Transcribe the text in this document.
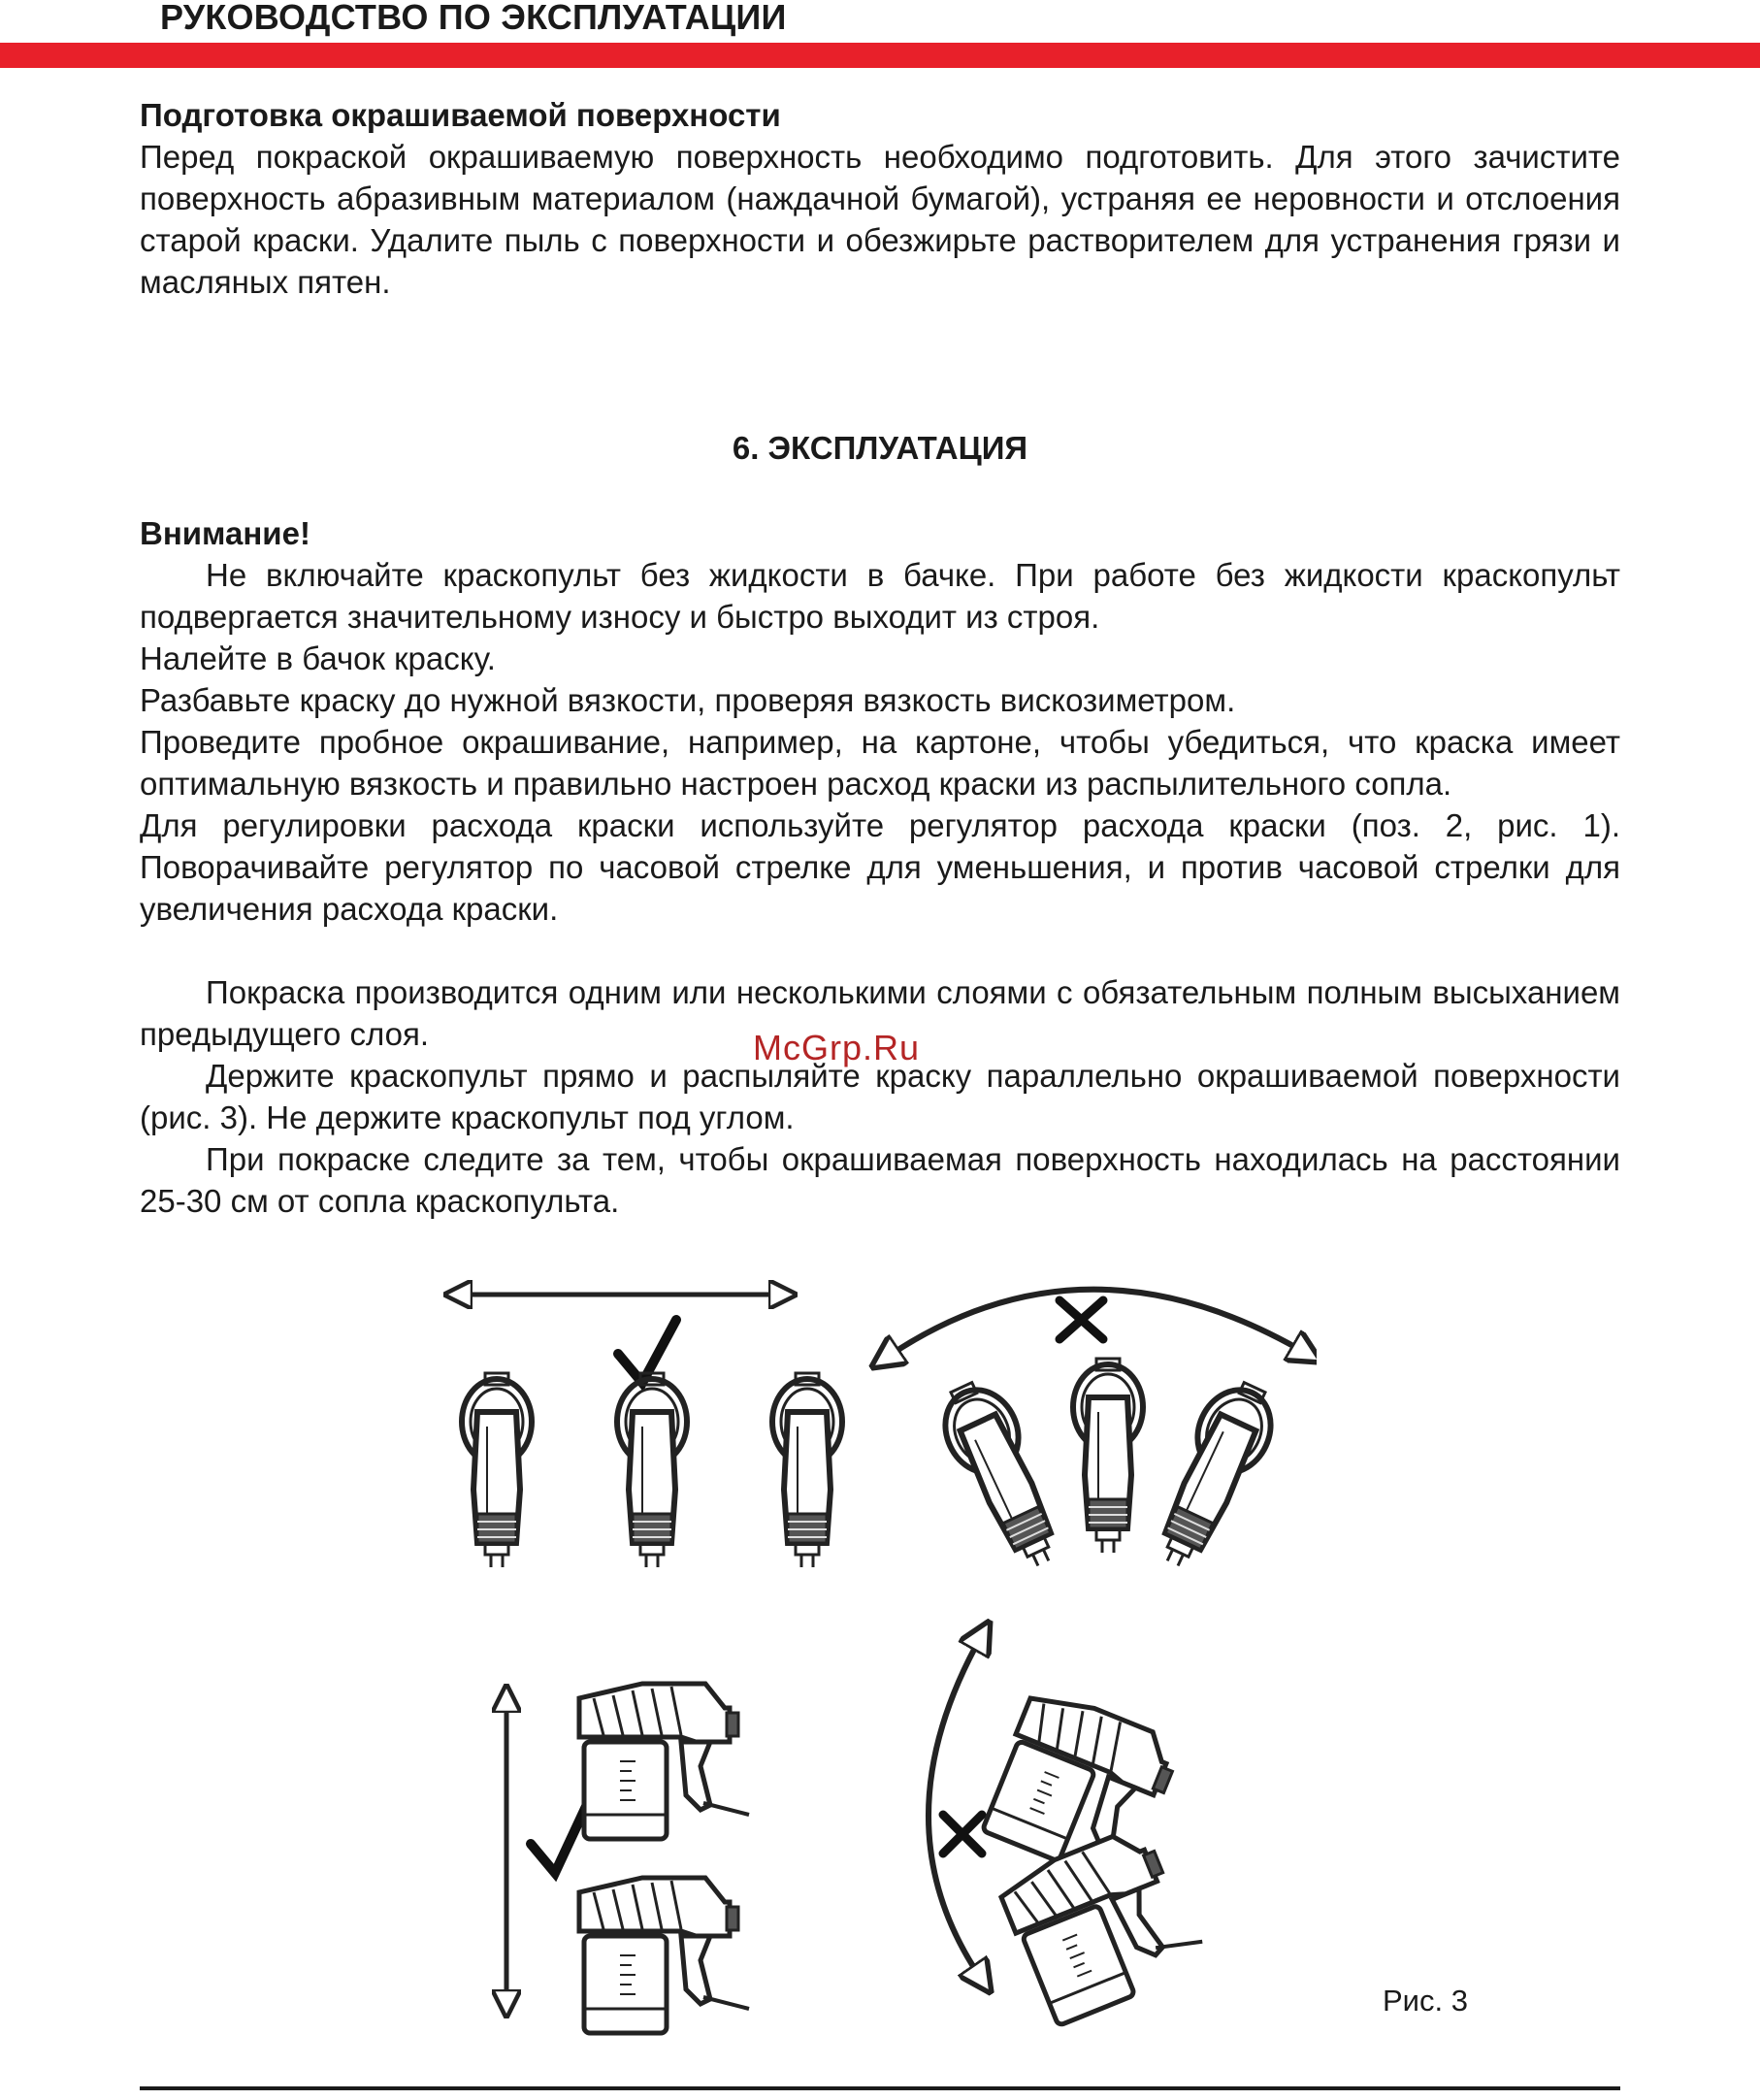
РУКОВОДСТВО ПО ЭКСПЛУАТАЦИИ

Подготовка окрашиваемой поверхности

Перед покраской окрашиваемую поверхность необходимо подготовить. Для этого зачистите поверхность абразивным материалом (наждачной бумагой), устраняя ее неровности и отслоения старой краски. Удалите пыль с поверхности и обезжирьте растворителем для устранения грязи и масляных пятен.

6. ЭКСПЛУАТАЦИЯ

Внимание!

Не включайте краскопульт без жидкости в бачке. При работе без жидкости краскопульт подвергается значительному износу и быстро выходит из строя.

Налейте в бачок краску.

Разбавьте краску до нужной вязкости, проверяя вязкость вискозиметром.

Проведите пробное окрашивание, например, на картоне, чтобы убедиться, что краска имеет оптимальную вязкость и правильно настроен расход краски из распылительного сопла.

Для регулировки расхода краски используйте регулятор расхода краски (поз. 2, рис. 1). Поворачивайте регулятор по часовой стрелке для уменьшения, и против часовой стрелки для увеличения расхода краски.

Покраска производится одним или несколькими слоями с обязательным полным высыханием предыдущего слоя.

Держите краскопульт прямо и распыляйте краску параллельно окрашиваемой поверхности (рис. 3). Не держите краскопульт под углом.

При покраске следите за тем, чтобы окрашиваемая поверхность находилась на расстоянии 25-30 см от сопла краскопульта.

McGrp.Ru
Рис. 3
